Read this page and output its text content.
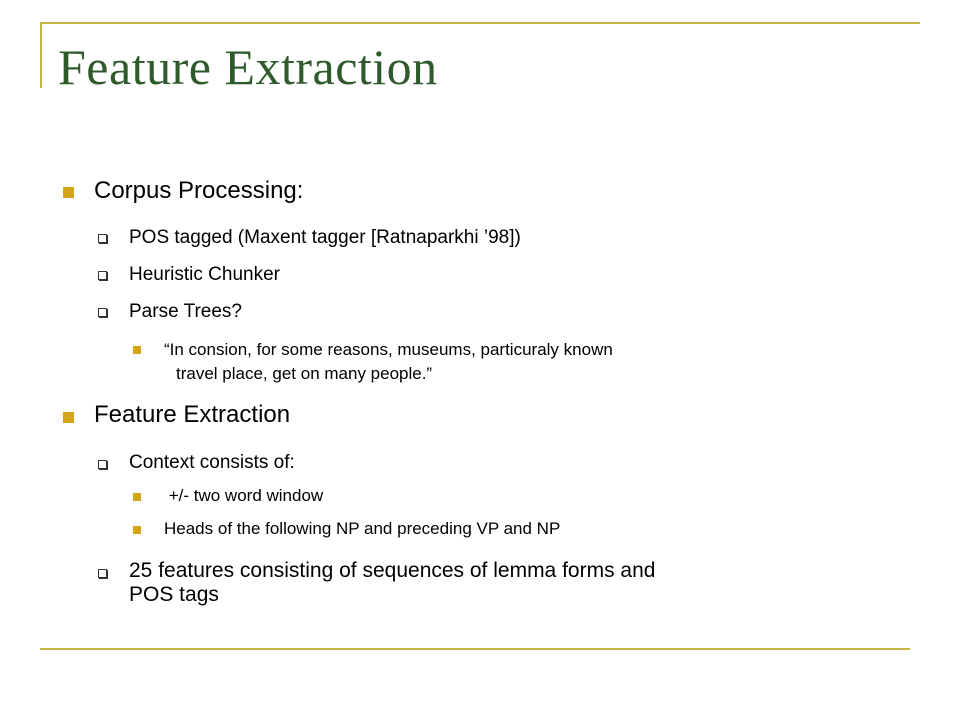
Feature Extraction
Corpus Processing:
POS tagged (Maxent tagger [Ratnaparkhi ’98])
Heuristic Chunker
Parse Trees?
“In consion, for some reasons, museums, particuraly known
travel place, get on many people.”
Feature Extraction
Context consists of:
+/- two word window
Heads of the following NP and preceding VP and NP
25 features consisting of sequences of lemma forms and
POS tags
